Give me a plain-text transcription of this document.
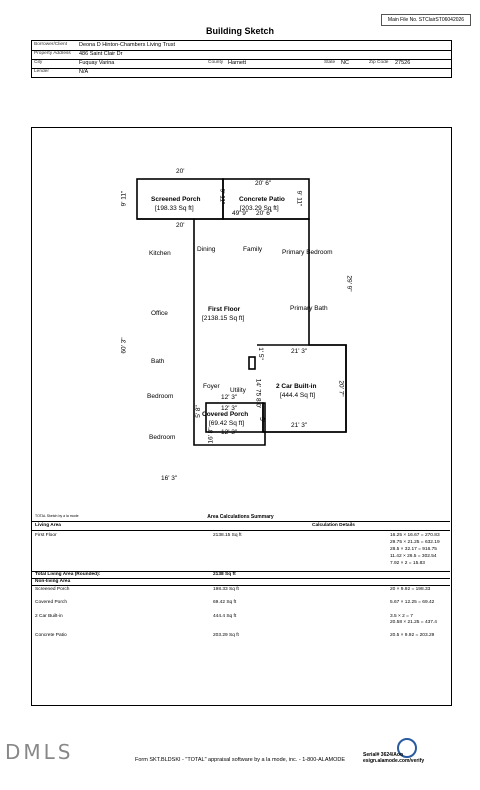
Main File No. STClairST06042026
Building Sketch
Borrower/Client Deona D Hinton-Chambers Living Trust
Property Address 486 Saint Clair Dr
City	Fuquay Varina	County Harnett	State NC	Zip Code 27526
Lender	N/A
Screened Porch
[198.33 Sq ft]
Concrete Patio
[203.29 Sq ft]
First Floor
[2138.15 Sq ft]
2 Car Built-in
[444.4 Sq ft]
Covered Porch
[69.42 Sq ft]
Kitchen
Dining	Family	Primary Bedroom
Office
Primary Bath
Bath
Foyer
Utility
Bedroom
Bedroom
20'
9' 11"
20' 6"
9' 11"	9' 11"
20'
49' 9" 20' 6"
29' 9"
60' 3"	21' 3"
20' 7"
14' 75 8.0'
1' 5"
12' 3"
12' 3"
12' 3"
21' 3"
5' 8"
16' 8"
5'
16' 3"
TOTAL Sketch by a la mode	Area Calculations Summary
Living Area	Calculation Details
First Floor	2138.15 Sq ft	16.25 × 16.67 = 270.83
29.75 × 21.25 = 632.19
28.5 × 32.17 = 916.75
11.42 × 26.5 = 302.54
7.92 × 2 = 15.83
Total Living Area (Rounded):	2138 Sq ft
Non-living Area
Screened Porch	198.33 Sq ft	20 × 9.92 = 198.33
Covered Porch	69.42 Sq ft	5.67 × 12.25 = 69.42
2 Car Built-in	444.4 Sq ft	3.5 × 2 = 7
20.58 × 21.25 = 437.4
Concrete Patio	203.29 Sq ft	20.5 × 9.92 = 203.29
DMLS	Form SKT.BLDSKI - "TOTAL" appraisal software by a la mode, inc. - 1-800-ALAMODE
Serial# 3624/Aoo
esign.alamode.com/verify
